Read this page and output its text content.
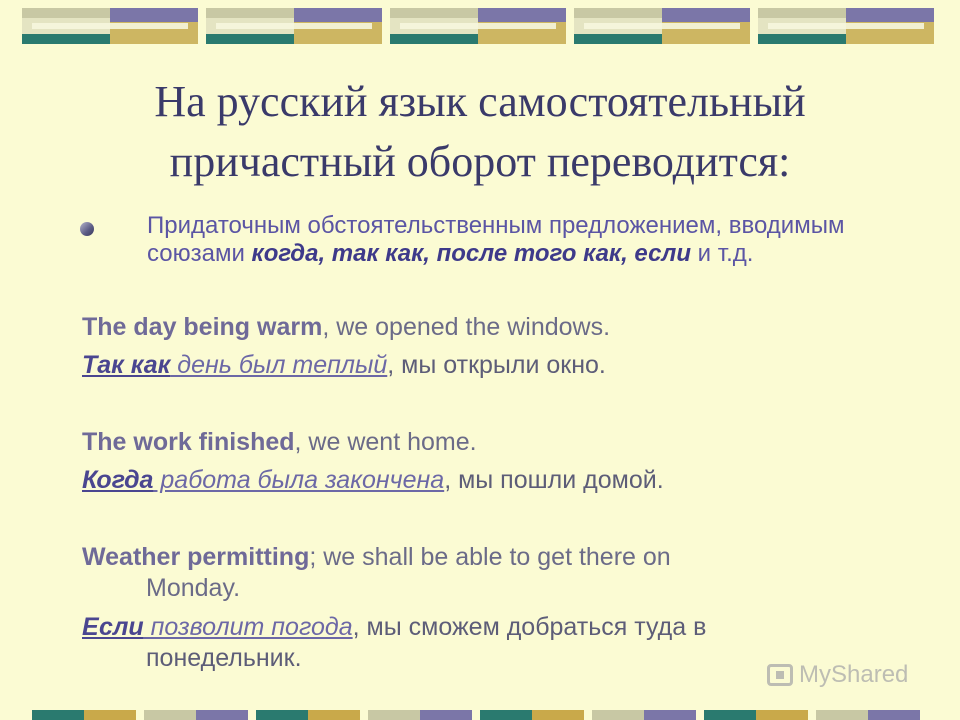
На русский язык самостоятельный причастный оборот переводится:
Придаточным обстоятельственным предложением, вводимым союзами когда, так как, после того как, если и т.д.
The day being warm, we opened the windows.
Так как день был теплый, мы открыли окно.
The work finished, we went home.
Когда работа была закончена, мы пошли домой.
Weather permitting; we shall be able to get there on
Monday.
Если позволит погода, мы сможем добраться туда в
понедельник.
MyShared
